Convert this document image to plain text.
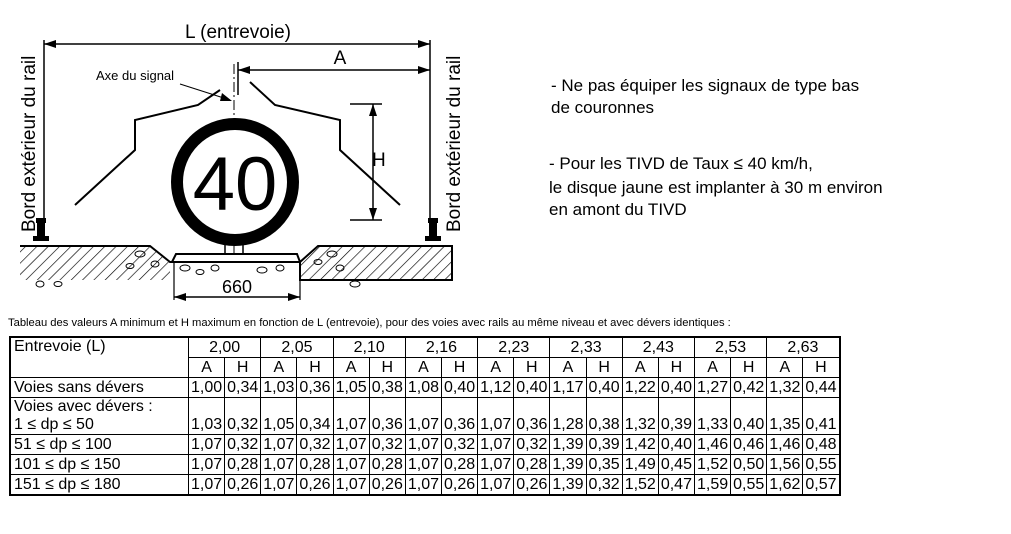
L (entrevoie)
A
H
Axe du signal
40
660
Bord extérieur du rail	Bord extérieur du rail	- Ne pas équiper les signaux de type bas
de couronnes
- Pour les TIVD de Taux ≤ 40 km/h,
le disque jaune est implanter à 30 m environ
en amont du TIVD
Tableau des valeurs A minimum et H maximum en fonction de L (entrevoie), pour des voies avec rails au même niveau et avec dévers identiques :
Entrevoie (L)	2,00		2,05		2,10		2,16		2,23		2,33		2,43		2,53		2,63	
	A	H	A	H	A	H	A	H	A	H	A	H	A	H	A	H	A	H
Voies sans dévers	1,00	0,34	1,03	0,36	1,05	0,38	1,08	0,40	1,12	0,40	1,17	0,40	1,22	0,40	1,27	0,42	1,32	0,44

Voies avec dévers :
1 ≤ dp ≤ 50	1,03	0,32	1,05	0,34	1,07	0,36	1,07	0,36	1,07	0,36	1,28	0,38	1,32	0,39	1,33	0,40	1,35	0,41
51 ≤ dp ≤ 100	1,07	0,32	1,07	0,32	1,07	0,32	1,07	0,32	1,07	0,32	1,39	0,39	1,42	0,40	1,46	0,46	1,46	0,48
101 ≤ dp ≤ 150	1,07	0,28	1,07	0,28	1,07	0,28	1,07	0,28	1,07	0,28	1,39	0,35	1,49	0,45	1,52	0,50	1,56	0,55
151 ≤ dp ≤ 180	1,07	0,26	1,07	0,26	1,07	0,26	1,07	0,26	1,07	0,26	1,39	0,32	1,52	0,47	1,59	0,55	1,62	0,57
